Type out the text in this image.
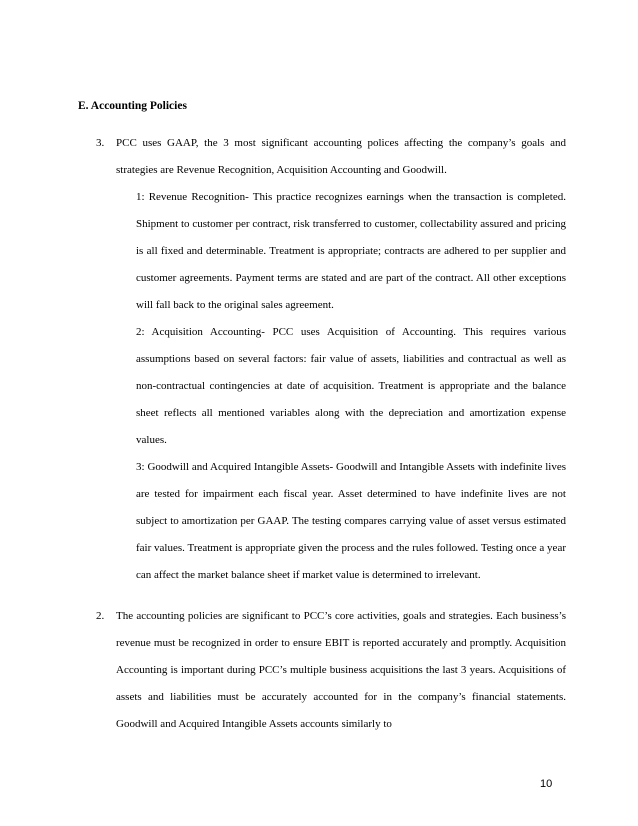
E. Accounting Policies
3. PCC uses GAAP, the 3 most significant accounting polices affecting the company’s goals and strategies are Revenue Recognition, Acquisition Accounting and Goodwill.

1: Revenue Recognition- This practice recognizes earnings when the transaction is completed. Shipment to customer per contract, risk transferred to customer, collectability assured and pricing is all fixed and determinable. Treatment is appropriate; contracts are adhered to per supplier and customer agreements. Payment terms are stated and are part of the contract. All other exceptions will fall back to the original sales agreement.

2: Acquisition Accounting- PCC uses Acquisition of Accounting. This requires various assumptions based on several factors: fair value of assets, liabilities and contractual as well as non-contractual contingencies at date of acquisition. Treatment is appropriate and the balance sheet reflects all mentioned variables along with the depreciation and amortization expense values.

3: Goodwill and Acquired Intangible Assets- Goodwill and Intangible Assets with indefinite lives are tested for impairment each fiscal year. Asset determined to have indefinite lives are not subject to amortization per GAAP. The testing compares carrying value of asset versus estimated fair values. Treatment is appropriate given the process and the rules followed. Testing once a year can affect the market balance sheet if market value is determined to irrelevant.

2. The accounting policies are significant to PCC’s core activities, goals and strategies. Each business’s revenue must be recognized in order to ensure EBIT is reported accurately and promptly. Acquisition Accounting is important during PCC’s multiple business acquisitions the last 3 years. Acquisitions of assets and liabilities must be accurately accounted for in the company’s financial statements. Goodwill and Acquired Intangible Assets accounts similarly to
10
